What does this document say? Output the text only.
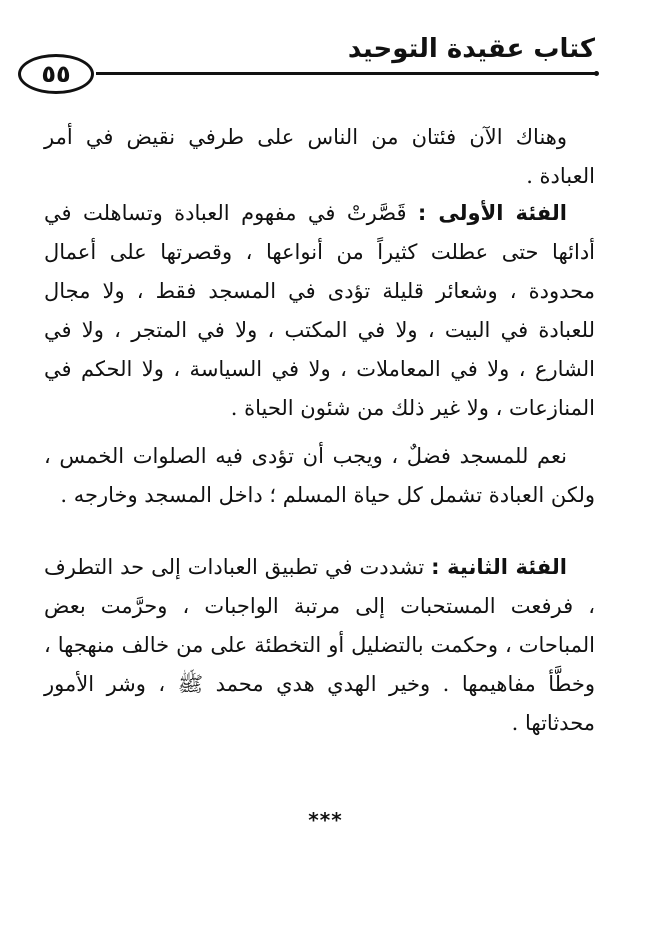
كتاب عقيدة التوحيد
٥٥

وهناك الآن فئتان من الناس على طرفي نقيض في أمر العبادة .

الفئة الأولى : قَصَّرتْ في مفهوم العبادة وتساهلت في أدائها حتى عطلت كثيراً من أنواعها ، وقصرتها على أعمال محدودة ، وشعائر قليلة تؤدى في المسجد فقط ، ولا مجال للعبادة في البيت ، ولا في المكتب ، ولا في المتجر ، ولا في الشارع ، ولا في المعاملات ، ولا في السياسة ، ولا الحكم في المنازعات ، ولا غير ذلك من شئون الحياة .

نعم للمسجد فضلٌ ، ويجب أن تؤدى فيه الصلوات الخمس ، ولكن العبادة تشمل كل حياة المسلم ؛ داخل المسجد وخارجه .

الفئة الثانية : تشددت في تطبيق العبادات إلى حد التطرف ، فرفعت المستحبات إلى مرتبة الواجبات ، وحرَّمت بعض المباحات ، وحكمت بالتضليل أو التخطئة على من خالف منهجها ، وخطَّأ مفاهيمها . وخير الهدي هدي محمد ﷺ ، وشر الأمور محدثاتها .

***
